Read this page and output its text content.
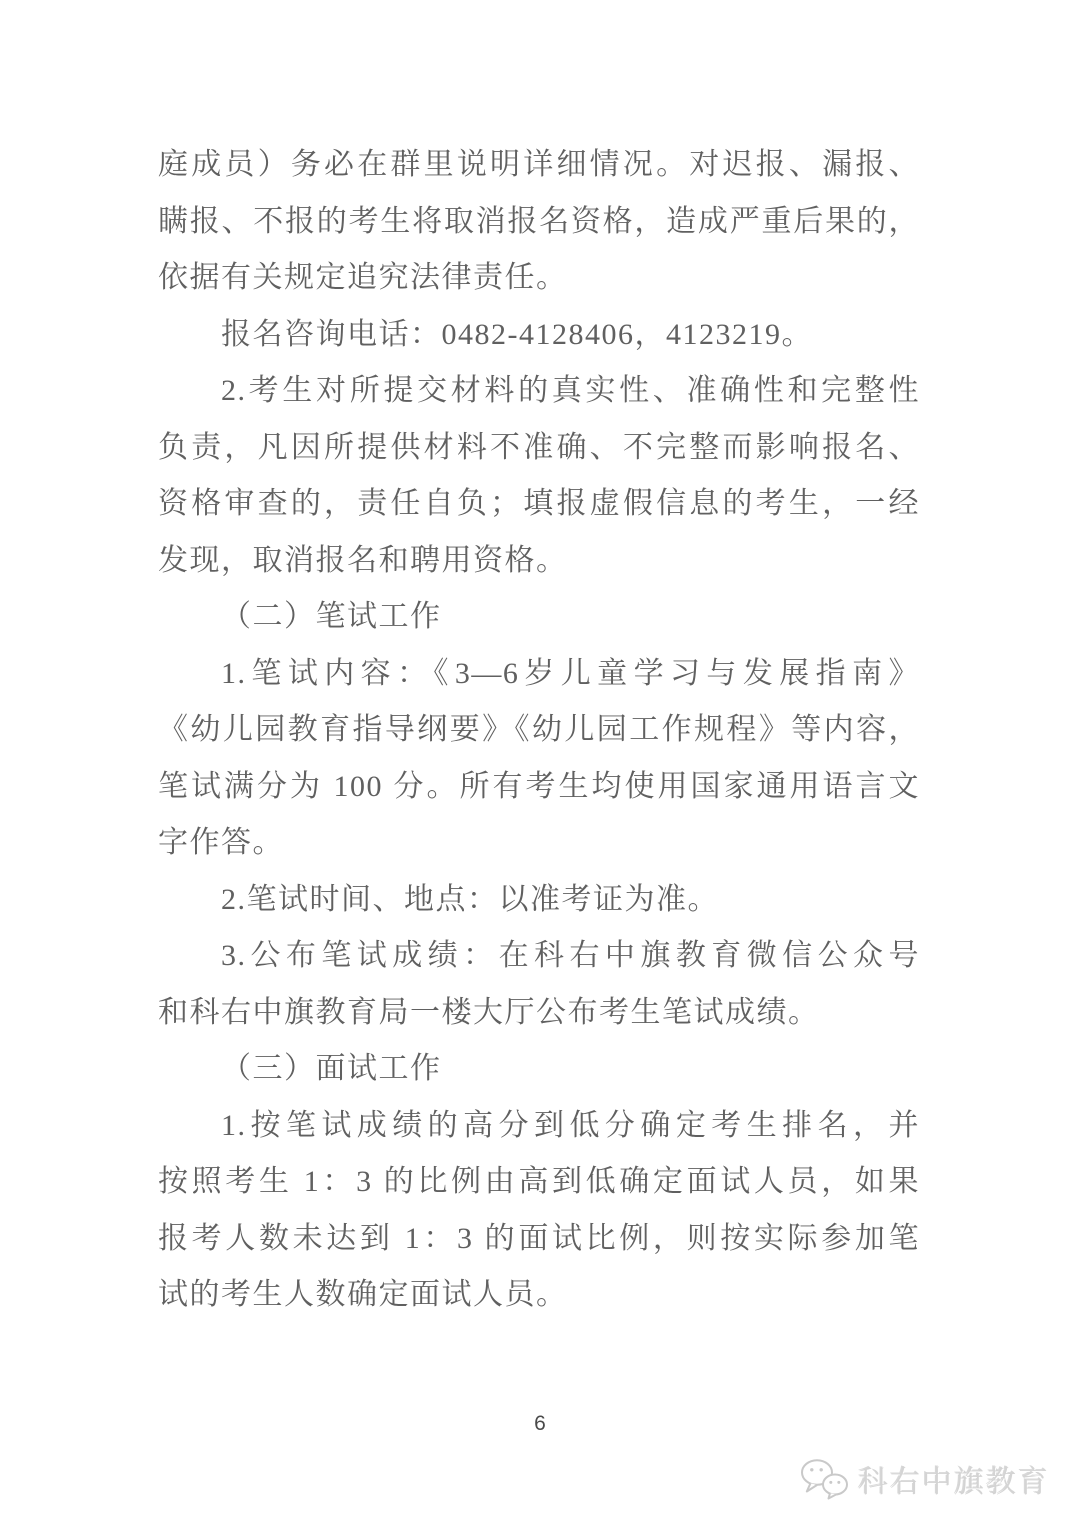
庭成员）务必在群里说明详细情况。对迟报、漏报、

瞒报、不报的考生将取消报名资格，造成严重后果的，

依据有关规定追究法律责任。

报名咨询电话：0482-4128406，4123219。

2.考生对所提交材料的真实性、准确性和完整性

负责，凡因所提供材料不准确、不完整而影响报名、

资格审查的，责任自负；填报虚假信息的考生，一经

发现，取消报名和聘用资格。

（二）笔试工作

1.笔试内容：《3—6岁儿童学习与发展指南》

《幼儿园教育指导纲要》《幼儿园工作规程》等内容，

笔试满分为 100 分。所有考生均使用国家通用语言文

字作答。

2.笔试时间、地点：以准考证为准。

3.公布笔试成绩：在科右中旗教育微信公众号

和科右中旗教育局一楼大厅公布考生笔试成绩。

（三）面试工作

1.按笔试成绩的高分到低分确定考生排名，并

按照考生 1：3 的比例由高到低确定面试人员，如果

报考人数未达到 1：3 的面试比例，则按实际参加笔

试的考生人数确定面试人员。

6
科右中旗教育
